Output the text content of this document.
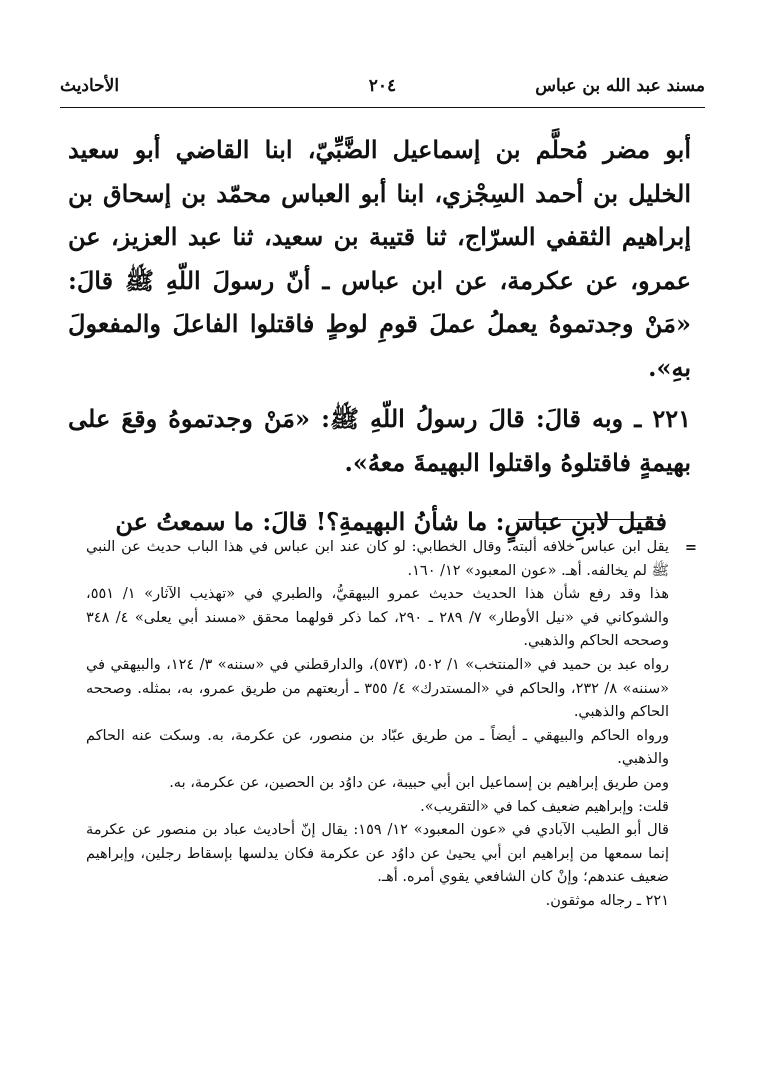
مسند عبد الله بن عباس
٢٠٤
الأحاديث

أبو مضر مُحلَّم بن إسماعيل الضَّبِّيّ، ابنا القاضي أبو سعيد الخليل بن أحمد السِجْزي، ابنا أبو العباس محمّد بن إسحاق بن إبراهيم الثقفي السرّاج، ثنا قتيبة بن سعيد، ثنا عبد العزيز، عن عمرو، عن عكرمة، عن ابن عباس ـ أنّ رسولَ اللّهِ ﷺ قالَ: «مَنْ وجدتموهُ يعملُ عملَ قومِ لوطٍ فاقتلوا الفاعلَ والمفعولَ بهِ».

٢٢١ ـ وبه قالَ: قالَ رسولُ اللّهِ ﷺ: «مَنْ وجدتموهُ وقعَ على بهيمةٍ فاقتلوهُ واقتلوا البهيمةَ معهُ».

فقيل لابنِ عباسٍ: ما شأنُ البهيمةِ؟! قالَ: ما سمعتُ عن

=
يقل ابن عباس خلافه ألبته. وقال الخطابي: لو كان عند ابن عباس في هذا الباب حديث عن النبي ﷺ لم يخالفه. أهـ. «عون المعبود» ١٢/ ١٦٠.

هذا وقد رفع شأن هذا الحديث حديث عمرو البيهقيُّ، والطبري في «تهذيب الآثار» ١/ ٥٥١، والشوكاني في «نيل الأوطار» ٧/ ٢٨٩ ـ ٢٩٠، كما ذكر قولهما محقق «مسند أبي يعلى» ٤/ ٣٤٨ وصححه الحاكم والذهبي.

رواه عبد بن حميد في «المنتخب» ١/ ٥٠٢، (٥٧٣)، والدارقطني في «سننه» ٣/ ١٢٤، والبيهقي في «سننه» ٨/ ٢٣٢، والحاكم في «المستدرك» ٤/ ٣٥٥ ـ أربعتهم من طريق عمرو، به، بمثله. وصححه الحاكم والذهبي.

ورواه الحاكم والبيهقي ـ أيضاً ـ من طريق عبّاد بن منصور، عن عكرمة، به. وسكت عنه الحاكم والذهبي.

ومن طريق إبراهيم بن إسماعيل ابن أبي حبيبة، عن داوُد بن الحصين، عن عكرمة، به.

قلت: وإبراهيم ضعيف كما في «التقريب».

قال أبو الطيب الآبادي في «عون المعبود» ١٢/ ١٥٩: يقال إنّ أحاديث عباد بن منصور عن عكرمة إنما سمعها من إبراهيم ابن أبي يحيىٰ عن داوُد عن عكرمة فكان يدلسها بإسقاط رجلين، وإبراهيم ضعيف عندهم؛ وإنْ كان الشافعي يقوي أمره. أهـ.

٢٢١ ـ رجاله موثقون.
